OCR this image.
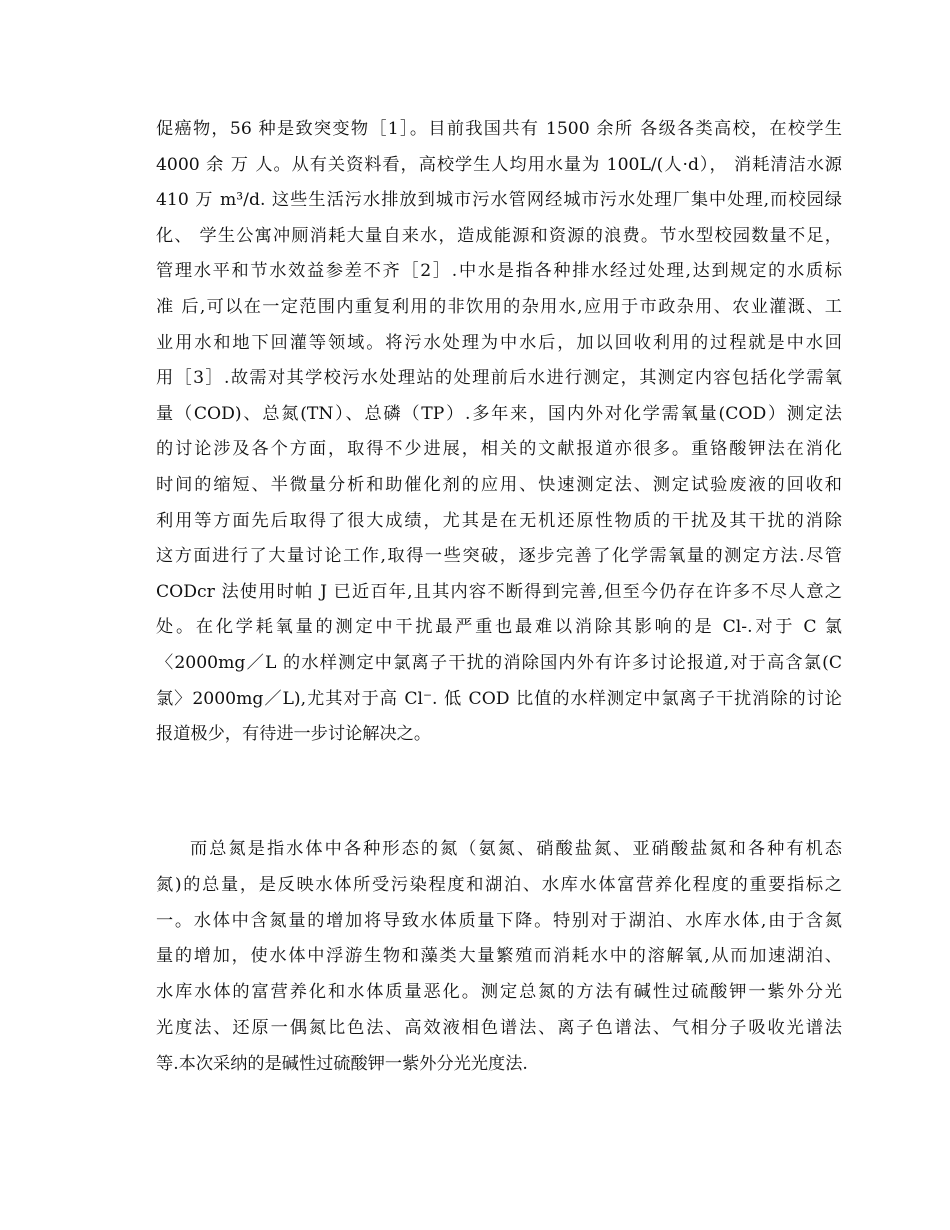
促癌物，56 种是致突变物［1］。目前我国共有 1500 余所 各级各类高校，在校学生
4000 余 万 人。从有关资料看，高校学生人均用水量为 100L/(人·d）， 消耗清洁水源
410 万 m³/d. 这些生活污水排放到城市污水管网经城市污水处理厂集中处理,而校园绿
化、 学生公寓冲厕消耗大量自来水，造成能源和资源的浪费。节水型校园数量不足，
管理水平和节水效益参差不齐［2］.中水是指各种排水经过处理,达到规定的水质标
准 后,可以在一定范围内重复利用的非饮用的杂用水,应用于市政杂用、农业灌溉、工
业用水和地下回灌等领域。将污水处理为中水后，加以回收利用的过程就是中水回
用［3］.故需对其学校污水处理站的处理前后水进行测定，其测定内容包括化学需氧
量（COD)、总氮(TN）、总磷（TP）.多年来，国内外对化学需氧量(COD）测定法
的讨论涉及各个方面，取得不少进展，相关的文献报道亦很多。重铬酸钾法在消化
时间的缩短、半微量分析和助催化剂的应用、快速测定法、测定试验废液的回收和
利用等方面先后取得了很大成绩，尤其是在无机还原性物质的干扰及其干扰的消除
这方面进行了大量讨论工作,取得一些突破，逐步完善了化学需氧量的测定方法.尽管
CODcr 法使用时帕 J 已近百年,且其内容不断得到完善,但至今仍存在许多不尽人意之
处。在化学耗氧量的测定中干扰最严重也最难以消除其影响的是 Cl-.对于 C 氯
〈2000mg／L 的水样测定中氯离子干扰的消除国内外有许多讨论报道,对于高含氯(C
氯〉2000mg／L),尤其对于高 Cl⁻. 低 COD 比值的水样测定中氯离子干扰消除的讨论
报道极少，有待进一步讨论解决之。
而总氮是指水体中各种形态的氮（氨氮、硝酸盐氮、亚硝酸盐氮和各种有机态
氮)的总量，是反映水体所受污染程度和湖泊、水库水体富营养化程度的重要指标之
一。水体中含氮量的增加将导致水体质量下降。特别对于湖泊、水库水体,由于含氮
量的增加，使水体中浮游生物和藻类大量繁殖而消耗水中的溶解氧,从而加速湖泊、
水库水体的富营养化和水体质量恶化。测定总氮的方法有碱性过硫酸钾一紫外分光
光度法、还原一偶氮比色法、高效液相色谱法、离子色谱法、气相分子吸收光谱法
等.本次采纳的是碱性过硫酸钾一紫外分光光度法.
